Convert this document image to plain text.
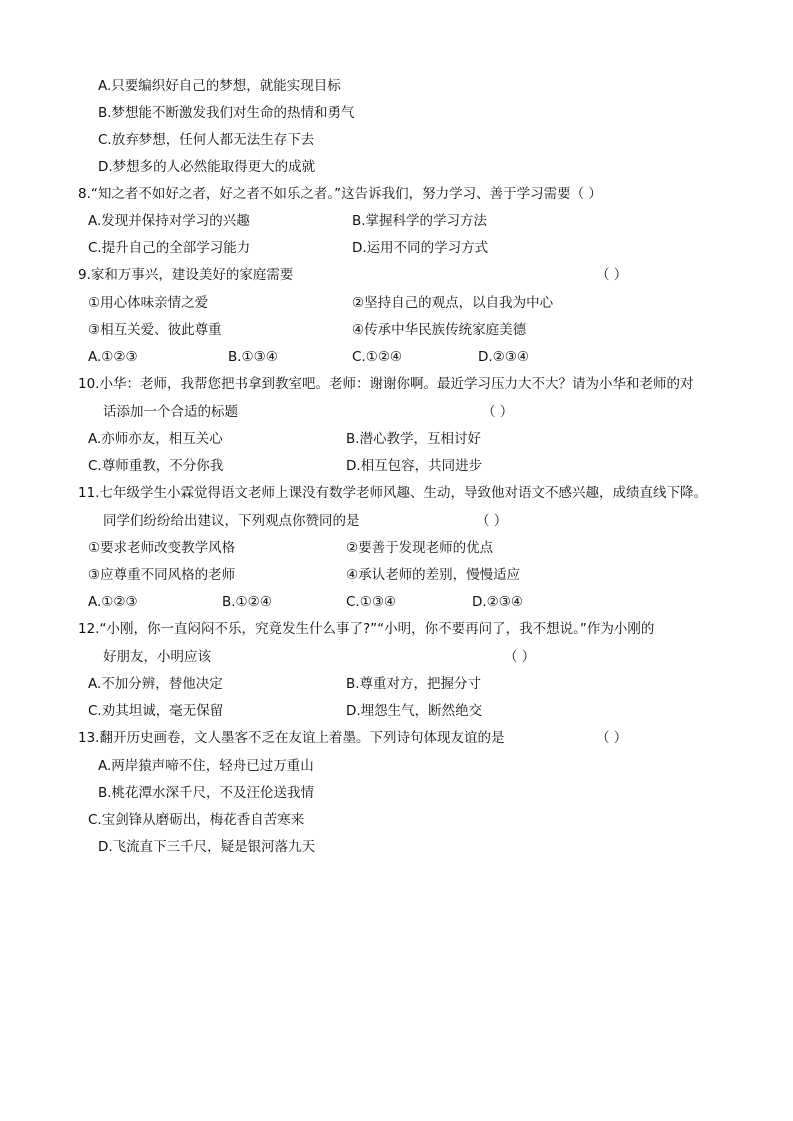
A.只要编织好自己的梦想，就能实现目标
B.梦想能不断激发我们对生命的热情和勇气
C.放弃梦想，任何人都无法生存下去
D.梦想多的人必然能取得更大的成就
8.“知之者不如好之者，好之者不如乐之者。”这告诉我们，努力学习、善于学习需要（ ）
A.发现并保持对学习的兴趣	B.掌握科学的学习方法
C.提升自己的全部学习能力	D.运用不同的学习方式
9.家和万事兴，建设美好的家庭需要	（ ）
①用心体味亲情之爱	②坚持自己的观点，以自我为中心
③相互关爱、彼此尊重	④传承中华民族传统家庭美德
A.①②③	B.①③④	C.①②④	D.②③④
10.小华：老师，我帮您把书拿到教室吧。老师：谢谢你啊。最近学习压力大不大？请为小华和老师的对
话添加一个合适的标题	（ ）
A.亦师亦友，相互关心	B.潜心教学，互相讨好
C.尊师重教，不分你我	D.相互包容，共同进步
11.七年级学生小霖觉得语文老师上课没有数学老师风趣、生动，导致他对语文不感兴趣，成绩直线下降。
同学们纷纷给出建议，下列观点你赞同的是	（ ）
①要求老师改变教学风格	②要善于发现老师的优点
③应尊重不同风格的老师	④承认老师的差别，慢慢适应
A.①②③	B.①②④	C.①③④	D.②③④
12.“小刚，你一直闷闷不乐，究竟发生什么事了?”“小明，你不要再问了，我不想说。”作为小刚的
好朋友，小明应该	（ ）
A.不加分辨，替他决定	B.尊重对方，把握分寸
C.劝其坦诚，毫无保留	D.埋怨生气，断然绝交
13.翻开历史画卷，文人墨客不乏在友谊上着墨。下列诗句体现友谊的是	（ ）
A.两岸猿声啼不住，轻舟已过万重山
B.桃花潭水深千尺，不及汪伦送我情
C.宝剑锋从磨砺出，梅花香自苦寒来
D.飞流直下三千尺，疑是银河落九天
